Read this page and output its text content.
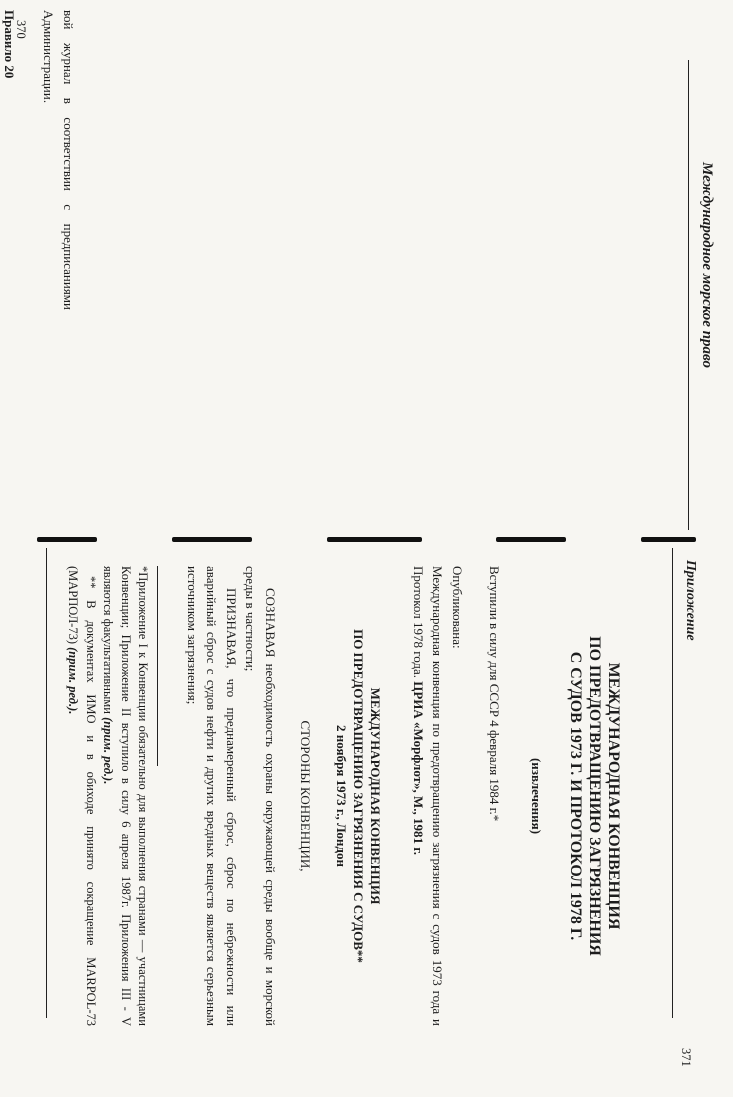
Международное морское право

вой журнал в соответствии с предписаниями Администрации.

Правило 20

370
Приложение
МЕЖДУНАРОДНАЯ КОНВЕНЦИЯ
ПО ПРЕДОТВРАЩЕНИЮ ЗАГРЯЗНЕНИЯ
С СУДОВ 1973 Г. И ПРОТОКОЛ 1978 Г.

(извлечения)

Вступили в силу для СССР 4 февраля 1984 г.*

Опубликована:

Международная конвенция по предотвращению загрязнения с судов 1973 года и Протокол 1978 года. ЦРИА «Морфлот», М., 1981 г.

МЕЖДУНАРОДНАЯ КОНВЕНЦИЯ
ПО ПРЕДОТВРАЩЕНИЮ ЗАГРЯЗНЕНИЯ С СУДОВ**
2 ноября 1973 г., Лондон

СТОРОНЫ КОНВЕНЦИИ,

СОЗНАВАЯ необходимость охраны окружающей среды вообще и морской среды в частности;

ПРИЗНАВАЯ, что преднамеренный сброс, сброс по небрежности или аварийный сброс с судов нефти и других вредных веществ является серьезным источником загрязнения;

*Приложение I к Конвенции обязательно для выполнения странами — участницами Конвенции; Приложение II вступило в силу 6 апреля 1987г. Приложения III - V являются факультативными (прим. ред.).

** В документах ИМО и в обиходе принято сокращение MARPOL-73 (МАРПОЛ-73) (прим. ред.).

371
